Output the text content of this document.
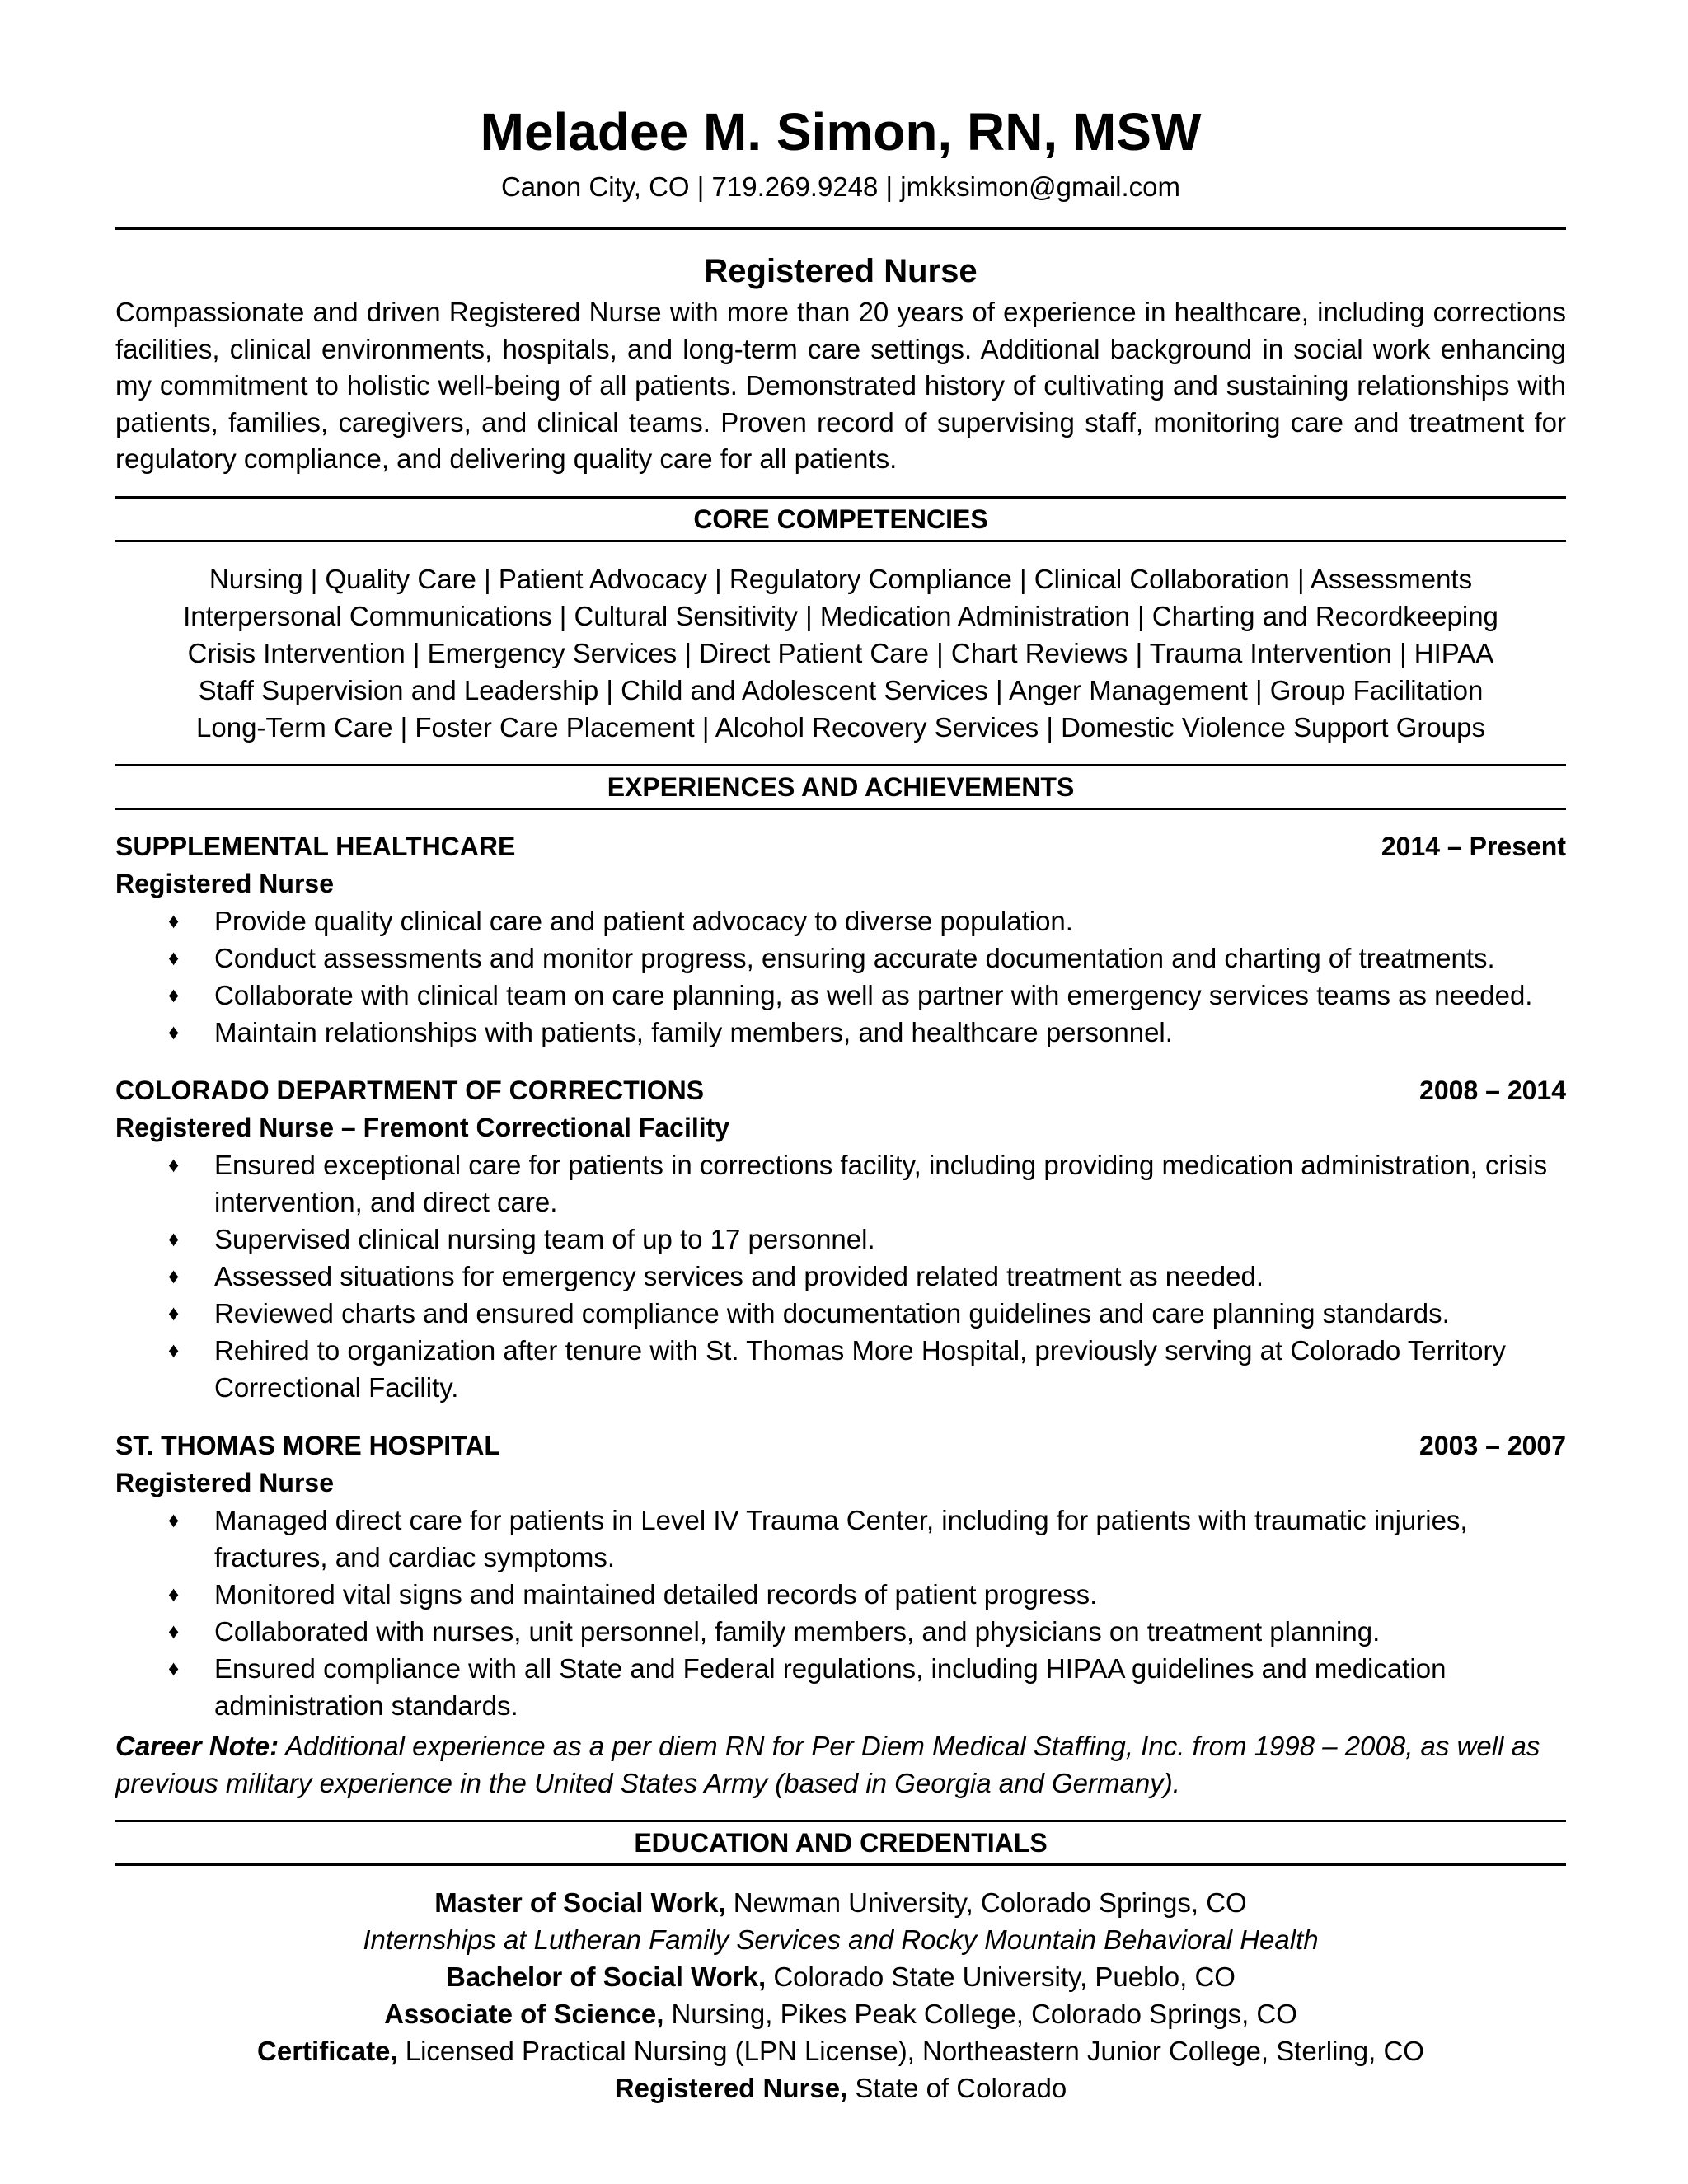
Meladee M. Simon, RN, MSW
Canon City, CO | 719.269.9248 | jmkksimon@gmail.com
Registered Nurse

Compassionate and driven Registered Nurse with more than 20 years of experience in healthcare, including corrections facilities, clinical environments, hospitals, and long-term care settings. Additional background in social work enhancing my commitment to holistic well-being of all patients. Demonstrated history of cultivating and sustaining relationships with patients, families, caregivers, and clinical teams. Proven record of supervising staff, monitoring care and treatment for regulatory compliance, and delivering quality care for all patients.

CORE COMPETENCIES
Nursing | Quality Care | Patient Advocacy | Regulatory Compliance | Clinical Collaboration | Assessments
Interpersonal Communications | Cultural Sensitivity | Medication Administration | Charting and Recordkeeping
Crisis Intervention | Emergency Services | Direct Patient Care | Chart Reviews | Trauma Intervention | HIPAA
Staff Supervision and Leadership | Child and Adolescent Services | Anger Management | Group Facilitation
Long-Term Care | Foster Care Placement | Alcohol Recovery Services | Domestic Violence Support Groups
EXPERIENCES AND ACHIEVEMENTS
SUPPLEMENTAL HEALTHCARE	2014 – Present
Registered Nurse
♦ Provide quality clinical care and patient advocacy to diverse population.
♦ Conduct assessments and monitor progress, ensuring accurate documentation and charting of treatments.
♦ Collaborate with clinical team on care planning, as well as partner with emergency services teams as needed.
♦ Maintain relationships with patients, family members, and healthcare personnel.
COLORADO DEPARTMENT OF CORRECTIONS	2008 – 2014
Registered Nurse – Fremont Correctional Facility
♦ Ensured exceptional care for patients in corrections facility, including providing medication administration, crisis intervention, and direct care.
♦ Supervised clinical nursing team of up to 17 personnel.
♦ Assessed situations for emergency services and provided related treatment as needed.
♦ Reviewed charts and ensured compliance with documentation guidelines and care planning standards.
♦ Rehired to organization after tenure with St. Thomas More Hospital, previously serving at Colorado Territory Correctional Facility.
ST. THOMAS MORE HOSPITAL	2003 – 2007
Registered Nurse
♦ Managed direct care for patients in Level IV Trauma Center, including for patients with traumatic injuries, fractures, and cardiac symptoms.
♦ Monitored vital signs and maintained detailed records of patient progress.
♦ Collaborated with nurses, unit personnel, family members, and physicians on treatment planning.
♦ Ensured compliance with all State and Federal regulations, including HIPAA guidelines and medication administration standards.
Career Note: Additional experience as a per diem RN for Per Diem Medical Staffing, Inc. from 1998 – 2008, as well as previous military experience in the United States Army (based in Georgia and Germany).
EDUCATION AND CREDENTIALS
Master of Social Work, Newman University, Colorado Springs, CO
Internships at Lutheran Family Services and Rocky Mountain Behavioral Health
Bachelor of Social Work, Colorado State University, Pueblo, CO
Associate of Science, Nursing, Pikes Peak College, Colorado Springs, CO
Certificate, Licensed Practical Nursing (LPN License), Northeastern Junior College, Sterling, CO
Registered Nurse, State of Colorado
